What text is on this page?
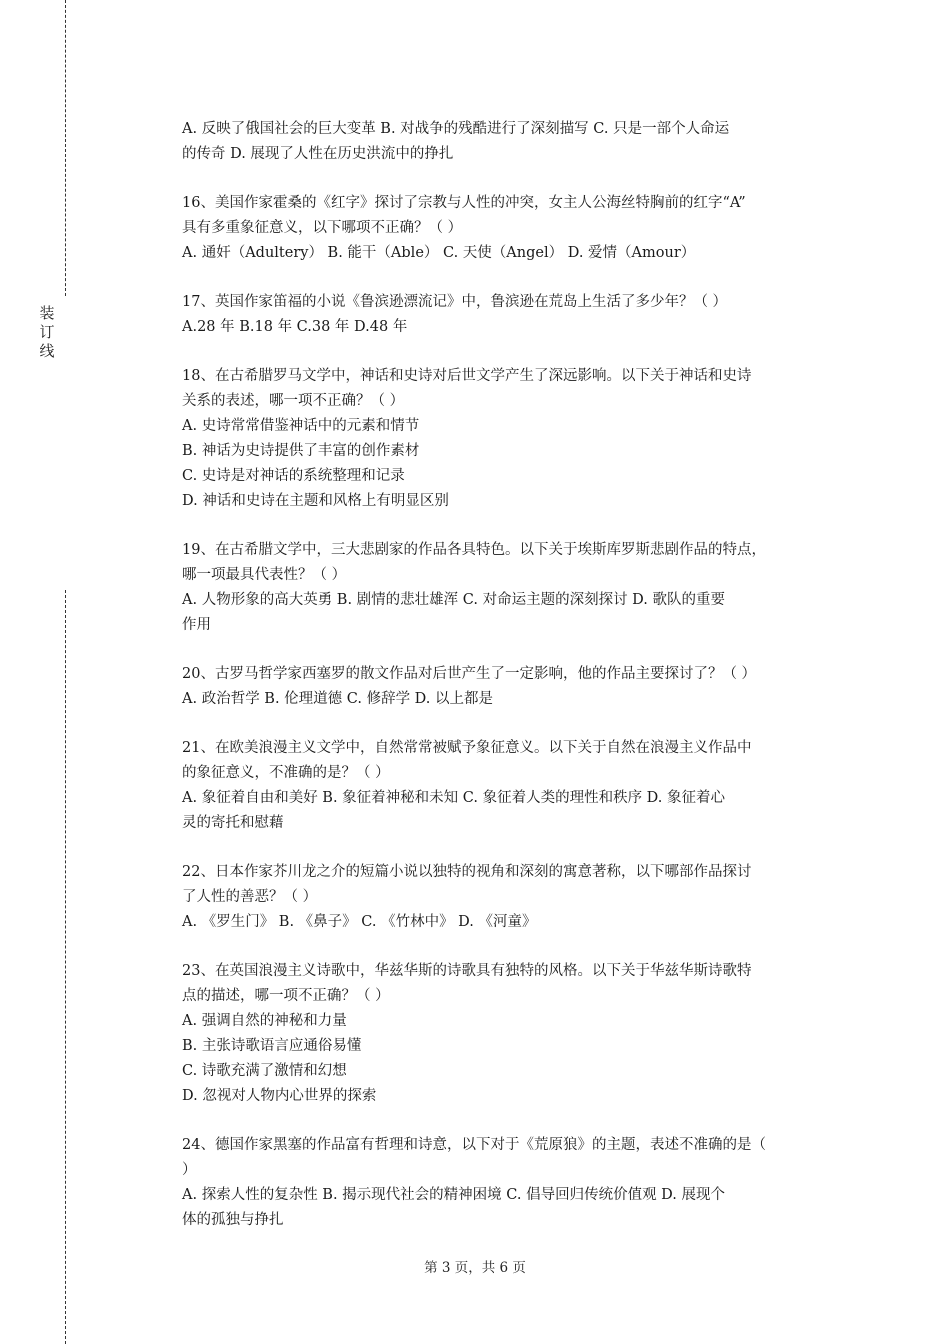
装
订
线
A. 反映了俄国社会的巨大变革 B. 对战争的残酷进行了深刻描写 C. 只是一部个人命运
的传奇 D. 展现了人性在历史洪流中的挣扎
16、美国作家霍桑的《红字》探讨了宗教与人性的冲突，女主人公海丝特胸前的红字“A”
具有多重象征意义，以下哪项不正确？（ ）
A. 通奸（Adultery） B. 能干（Able） C. 天使（Angel） D. 爱情（Amour）
17、英国作家笛福的小说《鲁滨逊漂流记》中，鲁滨逊在荒岛上生活了多少年？（ ）
A.28 年 B.18 年 C.38 年 D.48 年
18、在古希腊罗马文学中，神话和史诗对后世文学产生了深远影响。以下关于神话和史诗
关系的表述，哪一项不正确？（ ）
A. 史诗常常借鉴神话中的元素和情节
B. 神话为史诗提供了丰富的创作素材
C. 史诗是对神话的系统整理和记录
D. 神话和史诗在主题和风格上有明显区别
19、在古希腊文学中，三大悲剧家的作品各具特色。以下关于埃斯库罗斯悲剧作品的特点，
哪一项最具代表性？（ ）
A. 人物形象的高大英勇 B. 剧情的悲壮雄浑 C. 对命运主题的深刻探讨 D. 歌队的重要
作用
20、古罗马哲学家西塞罗的散文作品对后世产生了一定影响，他的作品主要探讨了？（ ）
A. 政治哲学 B. 伦理道德 C. 修辞学 D. 以上都是
21、在欧美浪漫主义文学中，自然常常被赋予象征意义。以下关于自然在浪漫主义作品中
的象征意义，不准确的是？（ ）
A. 象征着自由和美好 B. 象征着神秘和未知 C. 象征着人类的理性和秩序 D. 象征着心
灵的寄托和慰藉
22、日本作家芥川龙之介的短篇小说以独特的视角和深刻的寓意著称，以下哪部作品探讨
了人性的善恶？（ ）
A. 《罗生门》 B. 《鼻子》 C. 《竹林中》 D. 《河童》
23、在英国浪漫主义诗歌中，华兹华斯的诗歌具有独特的风格。以下关于华兹华斯诗歌特
点的描述，哪一项不正确？（ ）
A. 强调自然的神秘和力量
B. 主张诗歌语言应通俗易懂
C. 诗歌充满了激情和幻想
D. 忽视对人物内心世界的探索
24、德国作家黑塞的作品富有哲理和诗意，以下对于《荒原狼》的主题，表述不准确的是（
）
A. 探索人性的复杂性 B. 揭示现代社会的精神困境 C. 倡导回归传统价值观 D. 展现个
体的孤独与挣扎
第 3 页，共 6 页
